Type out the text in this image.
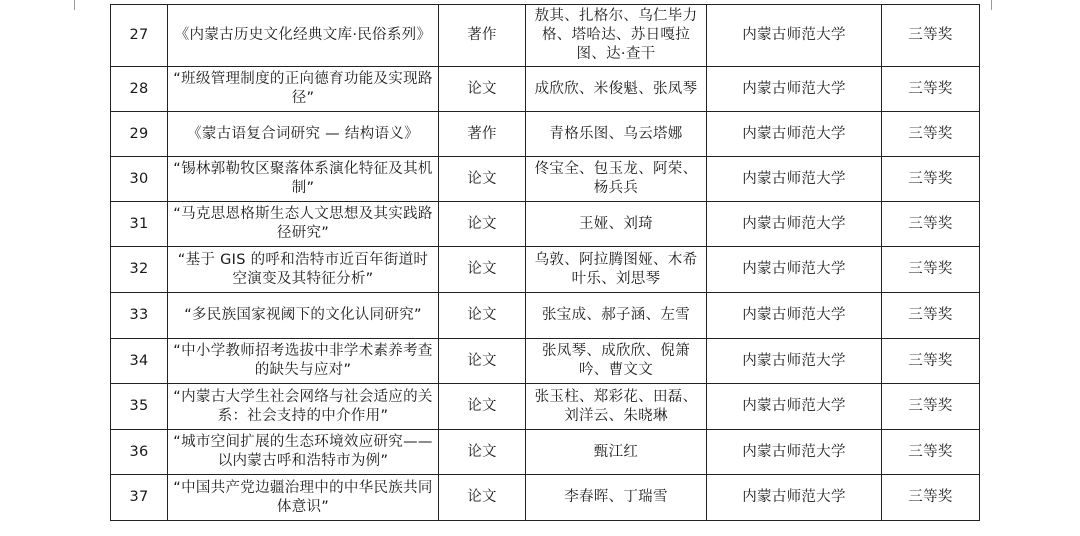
27	《内蒙古历史文化经典文库·民俗系列》	著作	敖其、扎格尔、乌仁毕力格、塔哈达、苏日嘎拉图、达·查干	内蒙古师范大学	三等奖
28	“班级管理制度的正向德育功能及实现路径”	论文	成欣欣、米俊魁、张凤琴	内蒙古师范大学	三等奖
29	《蒙古语复合词研究 — 结构语义》	著作	青格乐图、乌云塔娜	内蒙古师范大学	三等奖
30	“锡林郭勒牧区聚落体系演化特征及其机制”	论文	佟宝全、包玉龙、阿荣、杨兵兵	内蒙古师范大学	三等奖
31	“马克思恩格斯生态人文思想及其实践路径研究”	论文	王娅、刘琦	内蒙古师范大学	三等奖
32	“基于 GIS 的呼和浩特市近百年街道时空演变及其特征分析”	论文	乌敦、阿拉腾图娅、木希叶乐、刘思琴	内蒙古师范大学	三等奖
33	“多民族国家视阈下的文化认同研究”	论文	张宝成、郝子涵、左雪	内蒙古师范大学	三等奖
34	“中小学教师招考选拔中非学术素养考查的缺失与应对”	论文	张凤琴、成欣欣、倪箫吟、曹文文	内蒙古师范大学	三等奖
35	“内蒙古大学生社会网络与社会适应的关系：社会支持的中介作用”	论文	张玉柱、郑彩花、田磊、刘洋云、朱晓琳	内蒙古师范大学	三等奖
36	“城市空间扩展的生态环境效应研究——以内蒙古呼和浩特市为例”	论文	甄江红	内蒙古师范大学	三等奖
37	“中国共产党边疆治理中的中华民族共同体意识”	论文	李春晖、丁瑞雪	内蒙古师范大学	三等奖
